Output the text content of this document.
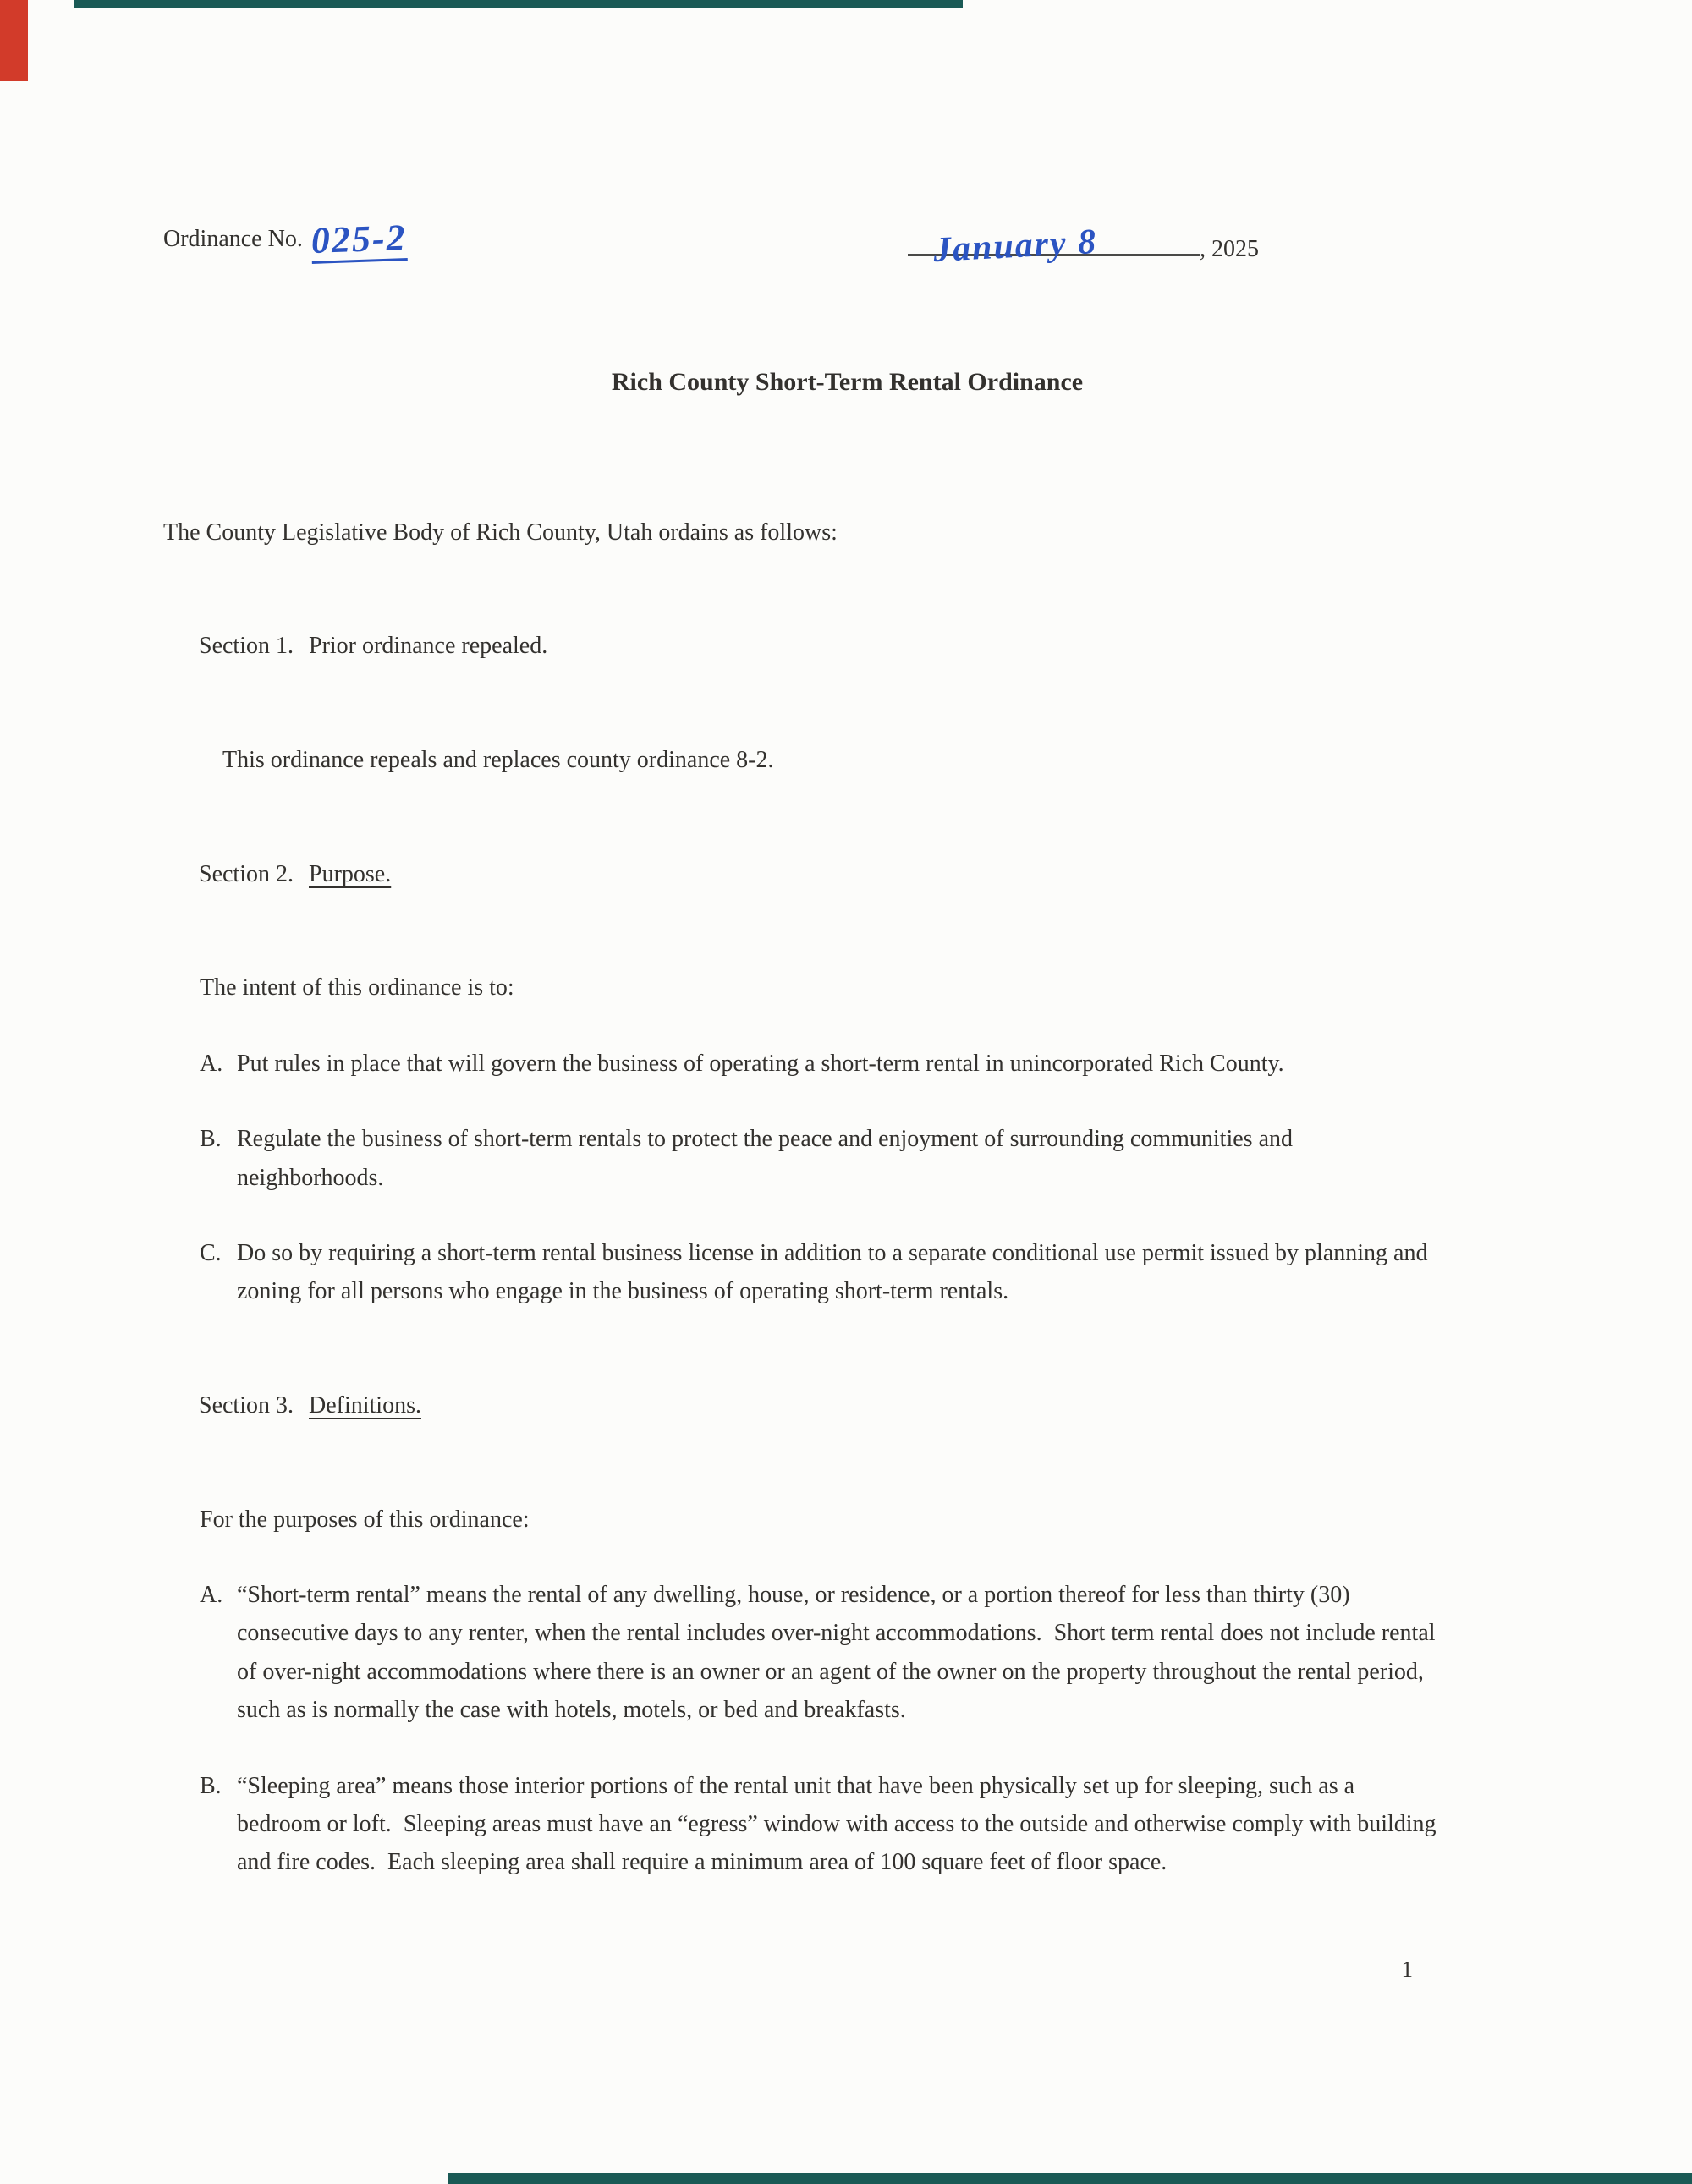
Ordinance No. 025-2	January 8	, 2025
Rich County Short-Term Rental Ordinance

The County Legislative Body of Rich County, Utah ordains as follows:

Section 1. Prior ordinance repealed.

This ordinance repeals and replaces county ordinance 8-2.

Section 2. Purpose.

The intent of this ordinance is to:

A. Put rules in place that will govern the business of operating a short-term rental in unincorporated Rich County.
B. Regulate the business of short-term rentals to protect the peace and enjoyment of surrounding communities and neighborhoods.
C. Do so by requiring a short-term rental business license in addition to a separate conditional use permit issued by planning and zoning for all persons who engage in the business of operating short-term rentals.

Section 3. Definitions.

For the purposes of this ordinance:

A. “Short-term rental” means the rental of any dwelling, house, or residence, or a portion thereof for less than thirty (30) consecutive days to any renter, when the rental includes over-night accommodations.  Short term rental does not include rental of over-night accommodations where there is an owner or an agent of the owner on the property throughout the rental period, such as is normally the case with hotels, motels, or bed and breakfasts.
B. “Sleeping area” means those interior portions of the rental unit that have been physically set up for sleeping, such as a bedroom or loft.  Sleeping areas must have an “egress” window with access to the outside and otherwise comply with building and fire codes.  Each sleeping area shall require a minimum area of 100 square feet of floor space.
1
